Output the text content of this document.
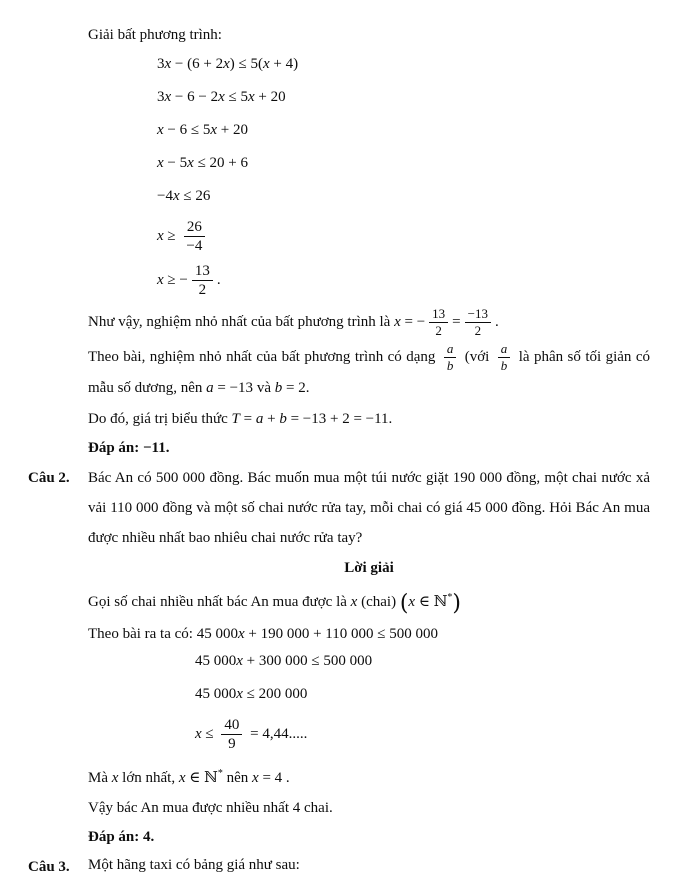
Giải bất phương trình:

3x − (6 + 2x) ≤ 5(x + 4)
3x − 6 − 2x ≤ 5x + 20
x − 6 ≤ 5x + 20
x − 5x ≤ 20 + 6
−4x ≤ 26
$x \ge \frac{26}{-4}$
x ≥ − $\frac{13}{2}$ .

Như vậy, nghiệm nhỏ nhất của bất phương trình là x = − $\frac{13}{2} = \frac{-13}{2}$ .

Theo bài, nghiệm nhỏ nhất của bất phương trình có dạng $\frac{a}{b}$ (với $\frac{a}{b}$ là phân số tối giản có mẫu số dương, nên a = −13 và b = 2.

Do đó, giá trị biểu thức T = a + b = −13 + 2 = −11.

Đáp án: −11.

Câu 2.	Bác An có 500 000 đồng. Bác muốn mua một túi nước giặt 190 000 đồng, một chai nước xả vải 110 000 đồng và một số chai nước rửa tay, mỗi chai có giá 45 000 đồng. Hỏi Bác An mua được nhiều nhất bao nhiêu chai nước rửa tay?

Lời giải

Gọi số chai nhiều nhất bác An mua được là x (chai) (x ∈ ℕ*)

Theo bài ra ta có: 45 000x + 190 000 + 110 000 ≤ 500 000

45 000x + 300 000 ≤ 500 000
45 000x ≤ 200 000
$x \le \frac{40}{9} = 4,44$.....

Mà x lớn nhất, x ∈ ℕ* nên x = 4 .

Vậy bác An mua được nhiều nhất 4 chai.

Đáp án: 4.

Câu 3.	Một hãng taxi có bảng giá như sau:
